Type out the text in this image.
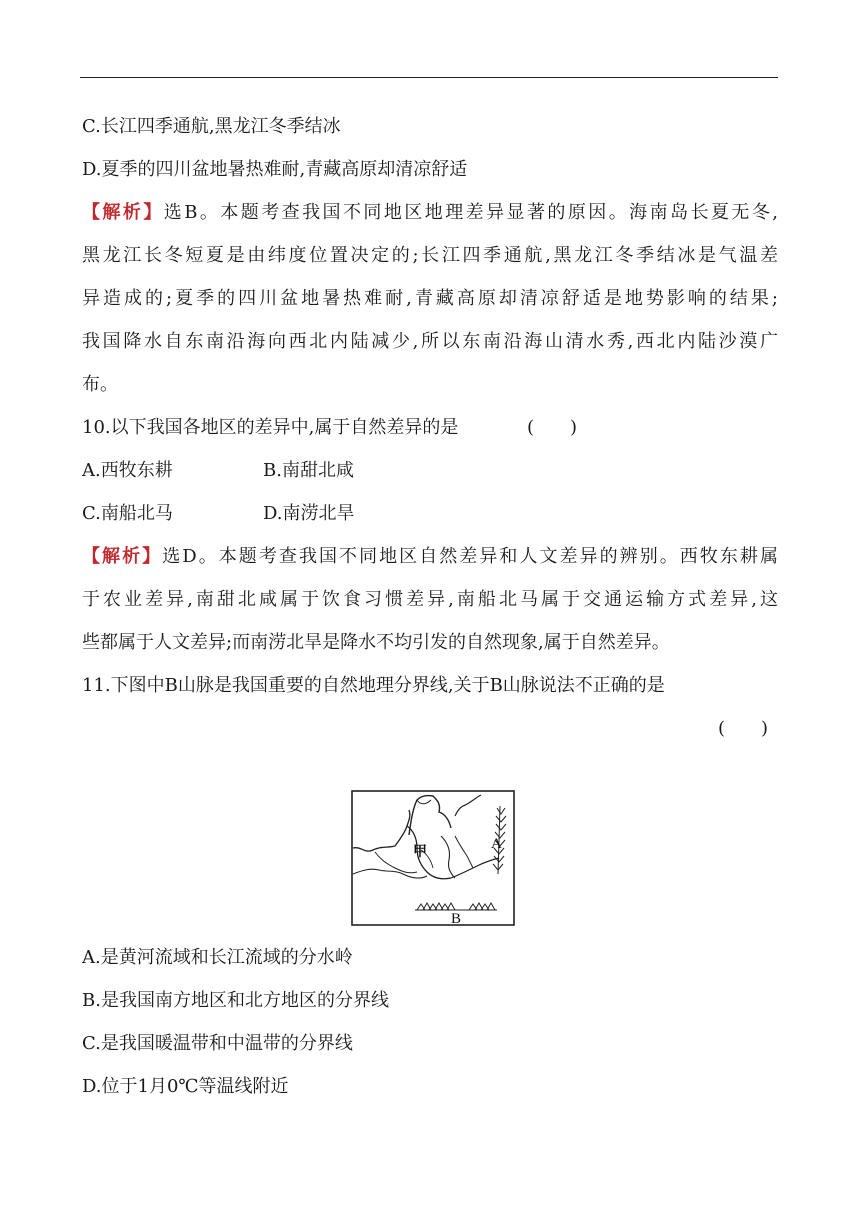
C.长江四季通航,黑龙江冬季结冰
D.夏季的四川盆地暑热难耐,青藏高原却清凉舒适
【解析】选B。本题考查我国不同地区地理差异显著的原因。海南岛长夏无冬,
黑龙江长冬短夏是由纬度位置决定的;长江四季通航,黑龙江冬季结冰是气温差
异造成的;夏季的四川盆地暑热难耐,青藏高原却清凉舒适是地势影响的结果;
我国降水自东南沿海向西北内陆减少,所以东南沿海山清水秀,西北内陆沙漠广
布。
10.以下我国各地区的差异中,属于自然差异的是	(　　)
A.西牧东耕	B.南甜北咸
C.南船北马	D.南涝北旱
【解析】选D。本题考查我国不同地区自然差异和人文差异的辨别。西牧东耕属
于农业差异,南甜北咸属于饮食习惯差异,南船北马属于交通运输方式差异,这
些都属于人文差异;而南涝北旱是降水不均引发的自然现象,属于自然差异。
11.下图中B山脉是我国重要的自然地理分界线,关于B山脉说法不正确的是
(　　)
甲
A
B
A.是黄河流域和长江流域的分水岭
B.是我国南方地区和北方地区的分界线
C.是我国暖温带和中温带的分界线
D.位于1月0℃等温线附近
